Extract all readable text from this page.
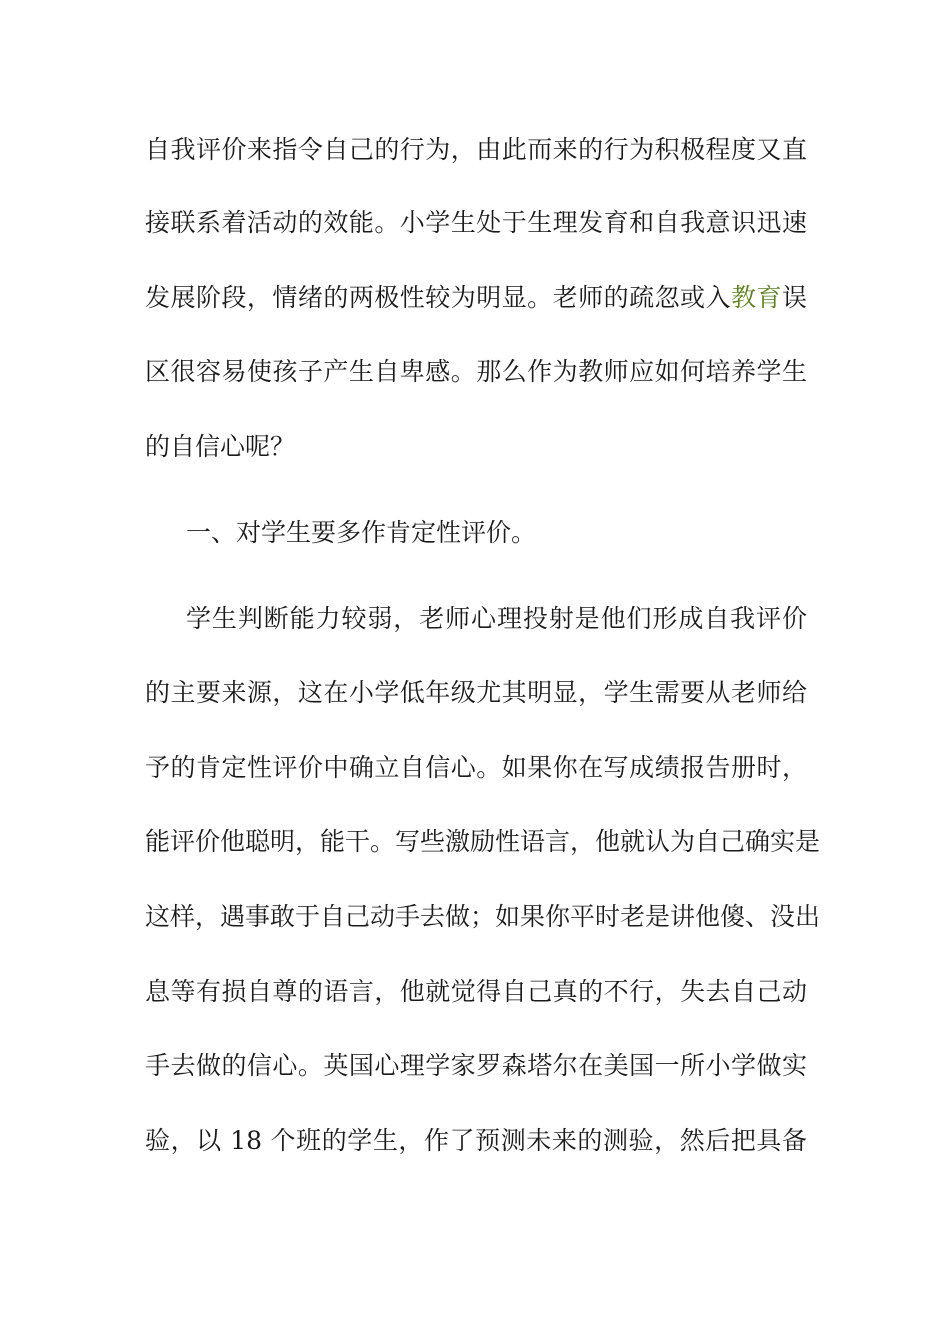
自我评价来指令自己的行为，由此而来的行为积极程度又直
接联系着活动的效能。小学生处于生理发育和自我意识迅速
发展阶段，情绪的两极性较为明显。老师的疏忽或入教育误
区很容易使孩子产生自卑感。那么作为教师应如何培养学生
的自信心呢？
一、对学生要多作肯定性评价。
学生判断能力较弱，老师心理投射是他们形成自我评价
的主要来源，这在小学低年级尤其明显，学生需要从老师给
予的肯定性评价中确立自信心。如果你在写成绩报告册时，
能评价他聪明，能干。写些激励性语言，他就认为自己确实是
这样，遇事敢于自己动手去做；如果你平时老是讲他傻、没出
息等有损自尊的语言，他就觉得自己真的不行，失去自己动
手去做的信心。英国心理学家罗森塔尔在美国一所小学做实
验，以 18 个班的学生，作了预测未来的测验，然后把具备
